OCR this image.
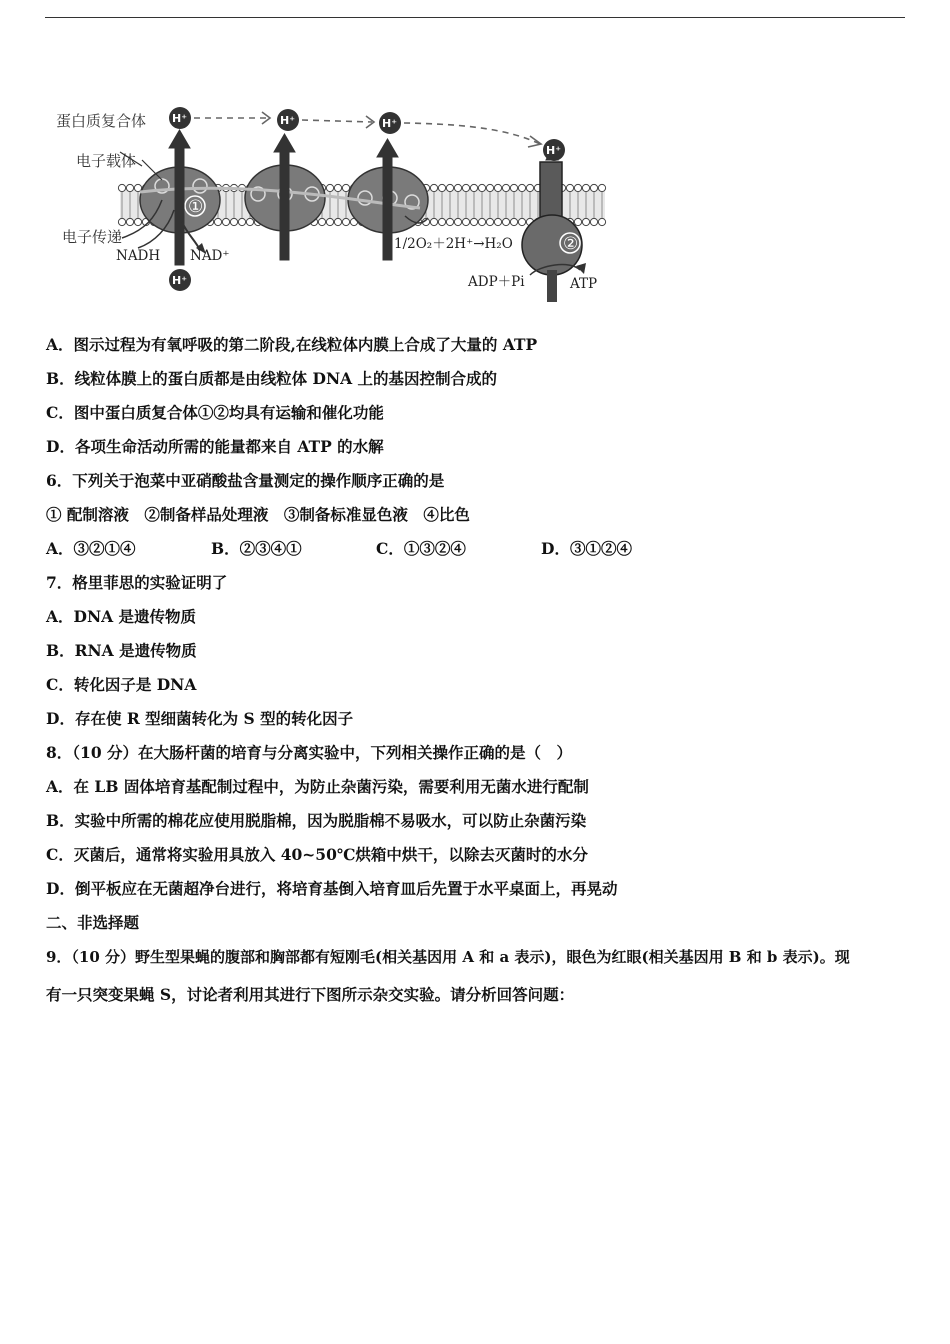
①
②
H⁺	H⁺	H⁺
H⁺
H⁺
蛋白质复合体
电子载体
电子传递
NADH NAD⁺
1/2O₂＋2H⁺→H₂O
ADP＋Pi	ATP
A．图示过程为有氧呼吸的第二阶段,在线粒体内膜上合成了大量的 ATP
B．线粒体膜上的蛋白质都是由线粒体 DNA 上的基因控制合成的
C．图中蛋白质复合体①②均具有运输和催化功能
D．各项生命活动所需的能量都来自 ATP 的水解
6．下列关于泡菜中亚硝酸盐含量测定的操作顺序正确的是
① 配制溶液　②制备样品处理液　③制备标准显色液　④比色
A．③②①④	B．②③④①	C．①③②④	D．③①②④
7．格里菲思的实验证明了
A．DNA 是遗传物质
B．RNA 是遗传物质
C．转化因子是 DNA
D．存在使 R 型细菌转化为 S 型的转化因子
8．（10 分）在大肠杆菌的培育与分离实验中，下列相关操作正确的是（　）
A．在 LB 固体培育基配制过程中，为防止杂菌污染，需要利用无菌水进行配制
B．实验中所需的棉花应使用脱脂棉，因为脱脂棉不易吸水，可以防止杂菌污染
C．灭菌后，通常将实验用具放入 40~50℃烘箱中烘干，以除去灭菌时的水分
D．倒平板应在无菌超净台进行，将培育基倒入培育皿后先置于水平桌面上，再晃动
二、非选择题
9．（10 分）野生型果蝇的腹部和胸部都有短刚毛(相关基因用 A 和 a 表示)，眼色为红眼(相关基因用 B 和 b 表示)。现
有一只突变果蝇 S，讨论者利用其进行下图所示杂交实验。请分析回答问题：
